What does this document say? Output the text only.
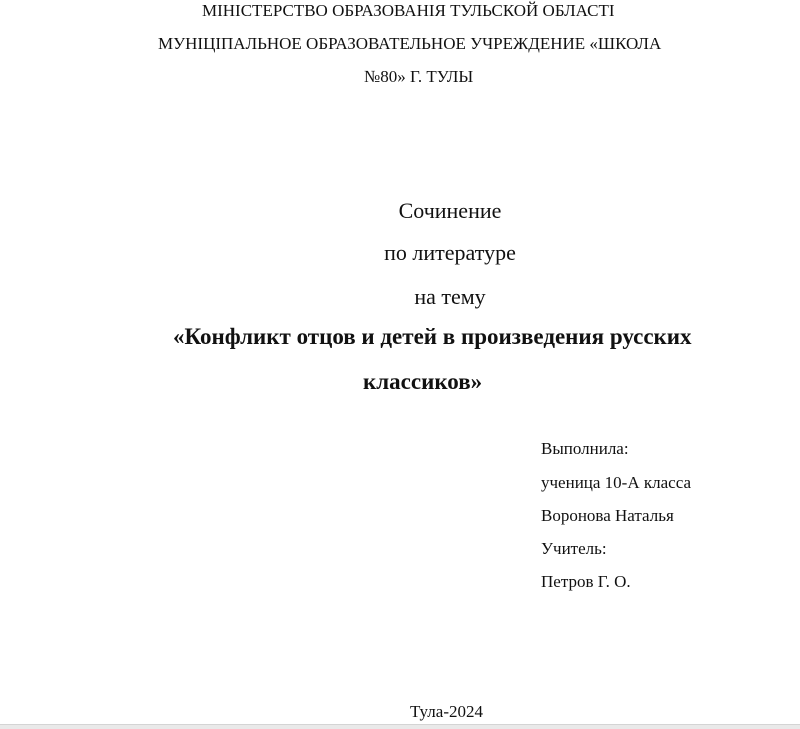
МІНІСТЕРСТВО ОБРАЗОВАНІЯ ТУЛЬСКОЙ ОБЛАСТІ
МУНІЦІПАЛЬНОЕ ОБРАЗОВАТЕЛЬНОЕ УЧРЕЖДЕНИЕ «ШКОЛА
№80» Г. ТУЛЫ
Сочинение
по литературе
на тему
«Конфликт отцов и детей в произведения русских
классиков»
Выполнила:
ученица 10-А класса
Воронова Наталья
Учитель:
Петров Г. О.
Тула-2024
